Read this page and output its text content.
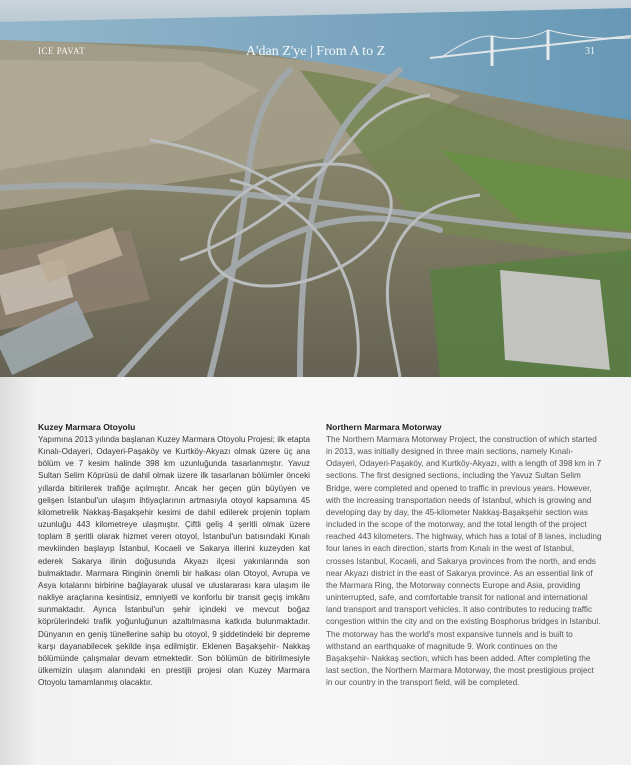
ICE PAVAT	A'dan Z'ye | From A to Z	31
Kuzey Marmara Otoyolu

Yapımına 2013 yılında başlanan Kuzey Marmara Otoyolu Projesi; ilk etapta Kınalı-Odayeri, Odayeri-Paşaköy ve Kurtköy-Akyazı olmak üzere üç ana bölüm ve 7 kesim halinde 398 km uzunluğunda tasarlanmıştır. Yavuz Sultan Selim Köprüsü de dahil olmak üzere ilk tasarlanan bölümler önceki yıllarda bitirilerek trafiğe açılmıştır. Ancak her geçen gün büyüyen ve gelişen İstanbul'un ulaşım ihtiyaçlarının artmasıyla otoyol kapsamına 45 kilometrelik Nakkaş-Başakşehir kesimi de dahil edilerek projenin toplam uzunluğu 443 kilometreye ulaşmıştır. Çiftli geliş 4 şeritli olmak üzere toplam 8 şeritli olarak hizmet veren otoyol, İstanbul'un batısındaki Kınalı mevkiinden başlayıp İstanbul, Kocaeli ve Sakarya illerini kuzeyden kat ederek Sakarya ilinin doğusunda Akyazı ilçesi yakınlarında son bulmaktadır. Marmara Ringinin önemli bir halkası olan Otoyol, Avrupa ve Asya kıtalarını birbirine bağlayarak ulusal ve uluslararası kara ulaşım ile nakliye araçlarına kesintisiz, emniyetli ve konforlu bir transit geçiş imkânı sunmaktadır. Ayrıca İstanbul'un şehir içindeki ve mevcut boğaz köprülerindeki trafik yoğunluğunun azaltılmasına katkıda bulunmaktadır. Dünyanın en geniş tünellerine sahip bu otoyol, 9 şiddetindeki bir depreme karşı dayanabilecek şekilde inşa edilmiştir. Eklenen Başakşehir- Nakkaş bölümünde çalışmalar devam etmektedir. Son bölümün de bitirilmesiyle ülkemizin ulaşım alanındaki en prestijli projesi olan Kuzey Marmara Otoyolu tamamlanmış olacaktır.

Northern Marmara Motorway

The Northern Marmara Motorway Project, the construction of which started in 2013, was initially designed in three main sections, namely Kınalı-Odayeri, Odayeri-Paşaköy, and Kurtköy-Akyazı, with a length of 398 km in 7 sections. The first designed sections, including the Yavuz Sultan Selim Bridge, were completed and opened to traffic in previous years. However, with the increasing transportation needs of Istanbul, which is growing and developing day by day, the 45-kilometer Nakkaş-Başakşehir section was included in the scope of the motorway, and the total length of the project reached 443 kilometers. The highway, which has a total of 8 lanes, including four lanes in each direction, starts from Kınalı in the west of Istanbul, crosses Istanbul, Kocaeli, and Sakarya provinces from the north, and ends near Akyazı district in the east of Sakarya province. As an essential link of the Marmara Ring, the Motorway connects Europe and Asia, providing uninterrupted, safe, and comfortable transit for national and international land transport and transport vehicles. It also contributes to reducing traffic congestion within the city and on the existing Bosphorus bridges in Istanbul. The motorway has the world's most expansive tunnels and is built to withstand an earthquake of magnitude 9. Work continues on the Başakşehir- Nakkaş section, which has been added. After completing the last section, the Northern Marmara Motorway, the most prestigious project in our country in the transport field, will be completed.
